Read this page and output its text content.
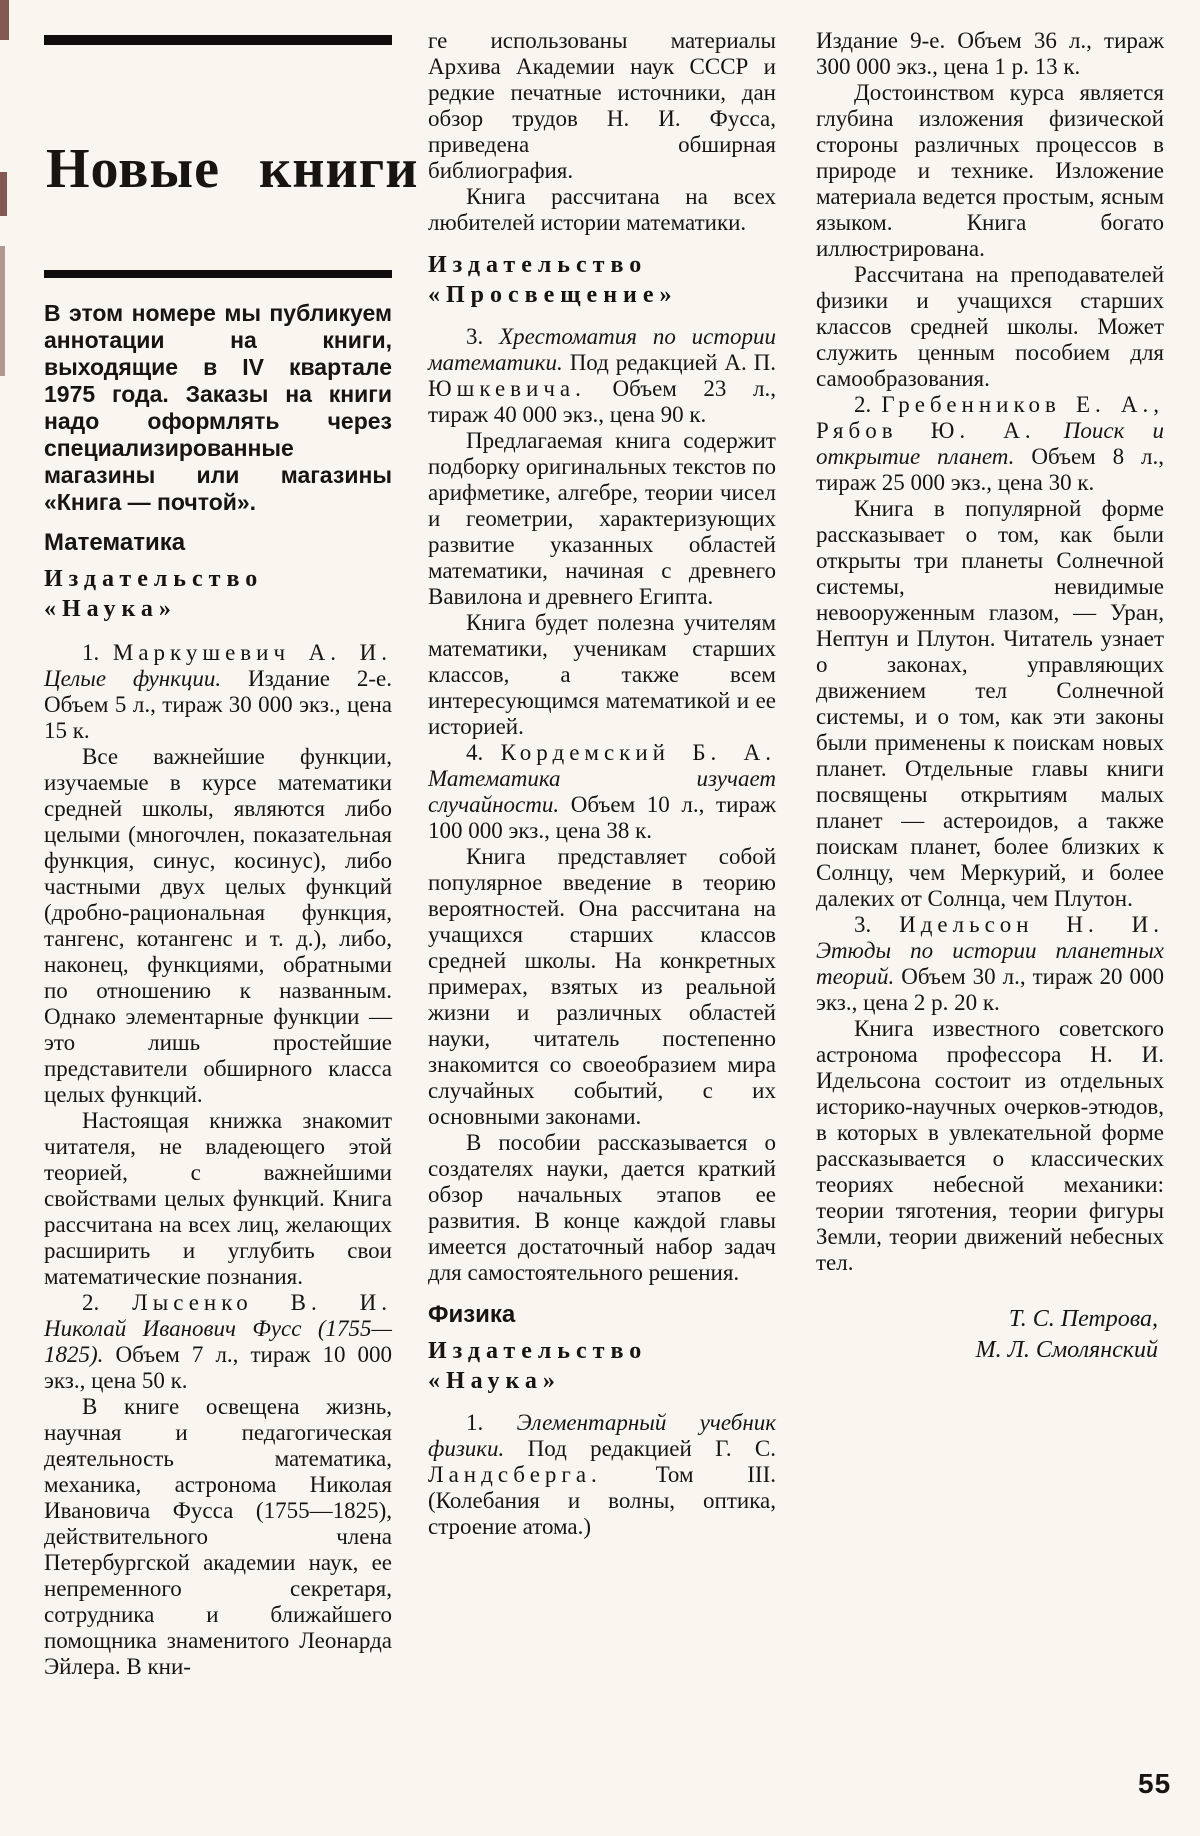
Новые книги

В этом номере мы публикуем аннотации на книги, выходящие в IV квартале 1975 года. Заказы на книги надо оформлять через специализированные магазины или магазины «Книга — почтой».

Математика
Издательство
«Наука»

1. Маркушевич А. И. Целые функции. Издание 2-е. Объем 5 л., тираж 30 000 экз., цена 15 к.

Все важнейшие функции, изучаемые в курсе математики средней школы, являются либо целыми (многочлен, показательная функция, синус, косинус), либо частными двух целых функций (дробно-рациональная функция, тангенс, котангенс и т. д.), либо, наконец, функциями, обратными по отношению к названным. Однако элементарные функции — это лишь простейшие представители обширного класса целых функций.

Настоящая книжка знакомит читателя, не владеющего этой теорией, с важнейшими свойствами целых функций. Книга рассчитана на всех лиц, желающих расширить и углубить свои математические познания.

2. Лысенко В. И. Николай Иванович Фусс (1755—1825). Объем 7 л., тираж 10 000 экз., цена 50 к.

В книге освещена жизнь, научная и педагогическая деятельность математика, механика, астронома Николая Ивановича Фусса (1755—1825), действительного члена Петербургской академии наук, ее непременного секретаря, сотрудника и ближайшего помощника знаменитого Леонарда Эйлера. В кни-

ге использованы материалы Архива Академии наук СССР и редкие печатные источники, дан обзор трудов Н. И. Фусса, приведена обширная библиография.

Книга рассчитана на всех любителей истории математики.

Издательство
«Просвещение»

3. Хрестоматия по истории математики. Под редакцией А. П. Юшкевича. Объем 23 л., тираж 40 000 экз., цена 90 к.

Предлагаемая книга содержит подборку оригинальных текстов по арифметике, алгебре, теории чисел и геометрии, характеризующих развитие указанных областей математики, начиная с древнего Вавилона и древнего Египта.

Книга будет полезна учителям математики, ученикам старших классов, а также всем интересующимся математикой и ее историей.

4. Кордемский Б. А. Математика изучает случайности. Объем 10 л., тираж 100 000 экз., цена 38 к.

Книга представляет собой популярное введение в теорию вероятностей. Она рассчитана на учащихся старших классов средней школы. На конкретных примерах, взятых из реальной жизни и различных областей науки, читатель постепенно знакомится со своеобразием мира случайных событий, с их основными законами.

В пособии рассказывается о создателях науки, дается краткий обзор начальных этапов ее развития. В конце каждой главы имеется достаточный набор задач для самостоятельного решения.

Физика
Издательство
«Наука»

1. Элементарный учебник физики. Под редакцией Г. С. Ландсберга. Том III. (Колебания и волны, оптика, строение атома.)

Издание 9-е. Объем 36 л., тираж 300 000 экз., цена 1 р. 13 к.

Достоинством курса является глубина изложения физической стороны различных процессов в природе и технике. Изложение материала ведется простым, ясным языком. Книга богато иллюстрирована.

Рассчитана на преподавателей физики и учащихся старших классов средней школы. Может служить ценным пособием для самообразования.

2. Гребенников Е. А., Рябов Ю. А. Поиск и открытие планет. Объем 8 л., тираж 25 000 экз., цена 30 к.

Книга в популярной форме рассказывает о том, как были открыты три планеты Солнечной системы, невидимые невооруженным глазом, — Уран, Нептун и Плутон. Читатель узнает о законах, управляющих движением тел Солнечной системы, и о том, как эти законы были применены к поискам новых планет. Отдельные главы книги посвящены открытиям малых планет — астероидов, а также поискам планет, более близких к Солнцу, чем Меркурий, и более далеких от Солнца, чем Плутон.

3. Идельсон Н. И. Этюды по истории планетных теорий. Объем 30 л., тираж 20 000 экз., цена 2 р. 20 к.

Книга известного советского астронома профессора Н. И. Идельсона состоит из отдельных историко-научных очерков-этюдов, в которых в увлекательной форме рассказывается о классических теориях небесной механики: теории тяготения, теории фигуры Земли, теории движений небесных тел.

Т. С. Петрова,
М. Л. Смолянский

55
